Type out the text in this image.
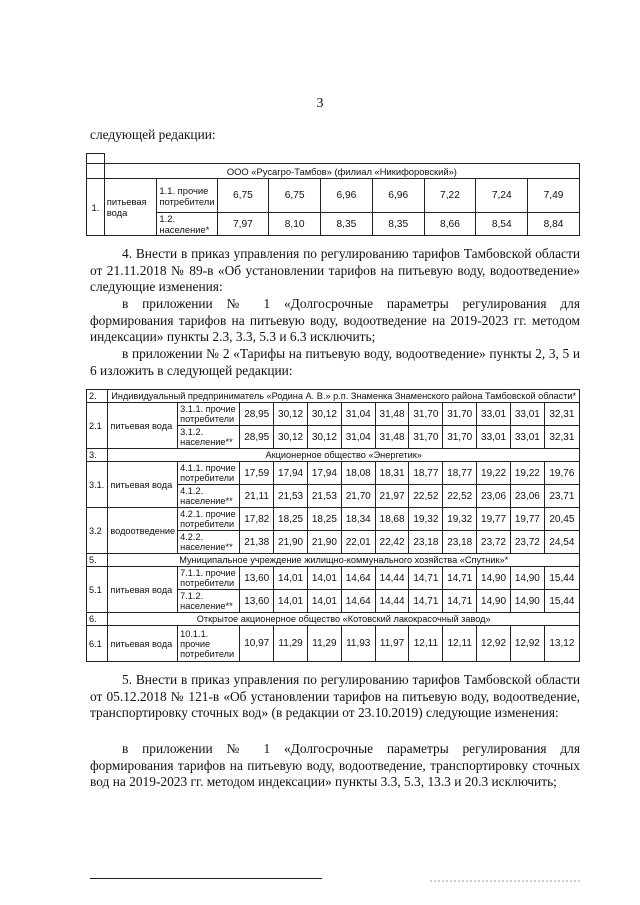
3
следующей редакции:

	ООО «Русагро-Тамбов» (филиал «Никифоровский»)								
1.	питьевая вода	1.1. прочие потребители	6,75	6,75	6,96	6,96	7,22	7,24	7,49
		1.2. население*	7,97	8,10	8,35	8,35	8,66	8,54	8,84
4. Внести в приказ управления по регулированию тарифов Тамбовской области от 21.11.2018 № 89-в «Об установлении тарифов на питьевую воду, водоотведение» следующие изменения:
в приложении № 1 «Долгосрочные параметры регулирования для формирования тарифов на питьевую воду, водоотведение на 2019-2023 гг. методом индексации» пункты 2.3, 3.3, 5.3 и 6.3 исключить;
в приложении № 2 «Тарифы на питьевую воду, водоотведение» пункты 2, 3, 5 и 6 изложить в следующей редакции:
2.	Индивидуальный предприниматель «Родина А. В.» р.п. Знаменка Знаменского района Тамбовской области*											
2.1	питьевая вода	3.1.1. прочие потребители	28,95	30,12	30,12	31,04	31,48	31,70	31,70	33,01	33,01	32,31
		3.1.2. население**	28,95	30,12	30,12	31,04	31,48	31,70	31,70	33,01	33,01	32,31
3.	Акционерное общество «Энергетик»											
3.1.	питьевая вода	4.1.1. прочие потребители	17,59	17,94	17,94	18,08	18,31	18,77	18,77	19,22	19,22	19,76
		4.1.2. население**	21,11	21,53	21,53	21,70	21,97	22,52	22,52	23,06	23,06	23,71
3.2	водоотведение	4.2.1. прочие потребители	17,82	18,25	18,25	18,34	18,68	19,32	19,32	19,77	19,77	20,45
		4.2.2. население**	21,38	21,90	21,90	22,01	22,42	23,18	23,18	23,72	23,72	24,54
5.	Муниципальное учреждение жилищно-коммунального хозяйства «Спутник»*											
5.1	питьевая вода	7.1.1. прочие потребители	13,60	14,01	14,01	14,64	14,44	14,71	14,71	14,90	14,90	15,44
		7.1.2. население**	13,60	14,01	14,01	14,64	14,44	14,71	14,71	14,90	14,90	15,44
6.	Открытое акционерное общество «Котовский лакокрасочный завод»											
6.1	питьевая вода	10.1.1. прочие потребители	10,97	11,29	11,29	11,93	11,97	12,11	12,11	12,92	12,92	13,12
5. Внести в приказ управления по регулированию тарифов Тамбовской области от 05.12.2018 № 121-в «Об установлении тарифов на питьевую воду, водоотведение, транспортировку сточных вод» (в редакции от 23.10.2019) следующие изменения:
в приложении № 1 «Долгосрочные параметры регулирования для формирования тарифов на питьевую воду, водоотведение, транспортировку сточных вод на 2019-2023 гг. методом индексации» пункты 3.3, 5.3, 13.3 и 20.3 исключить;
